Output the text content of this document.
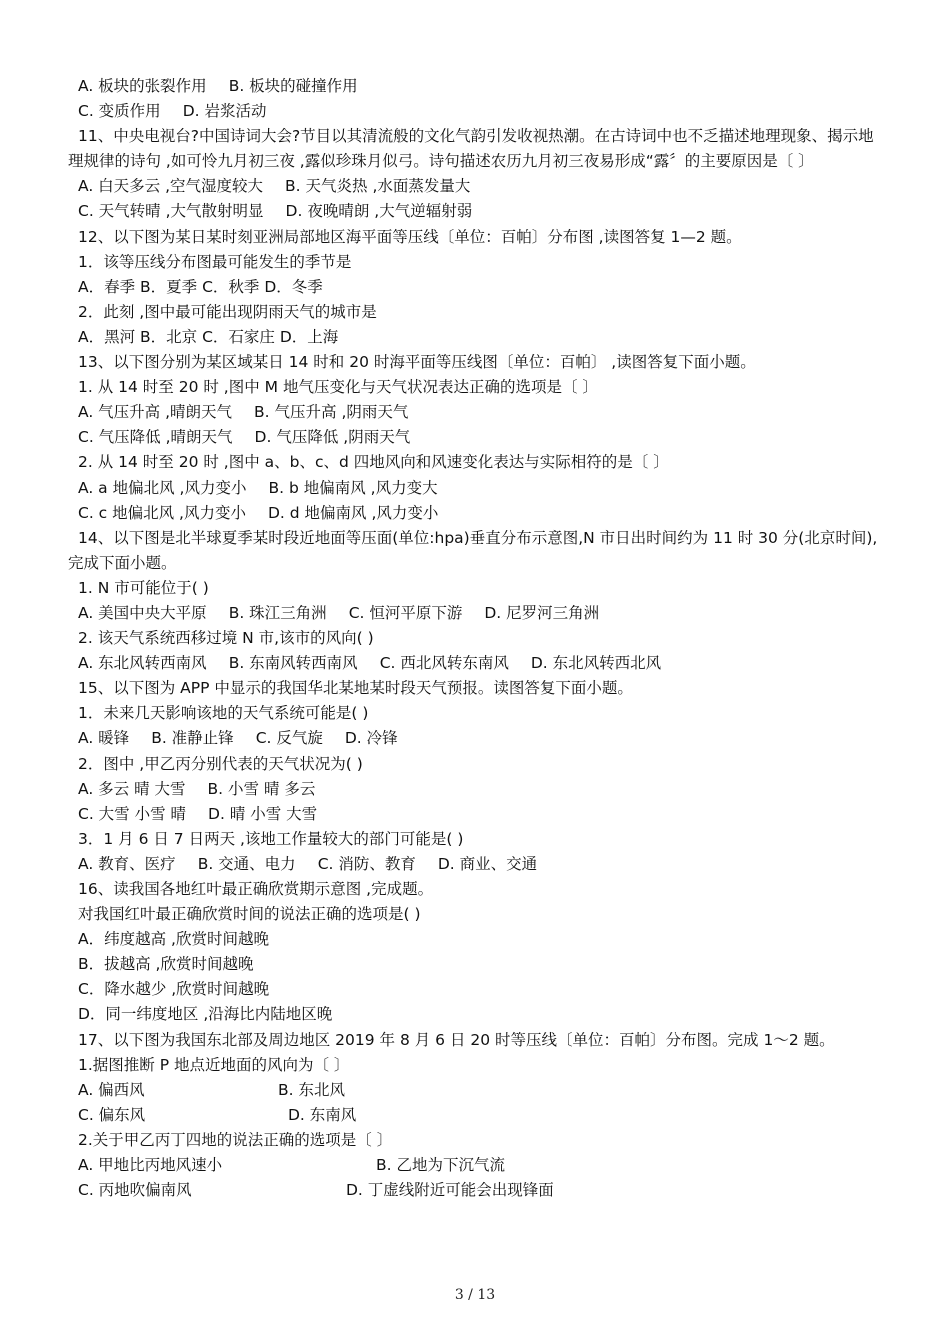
A. 板块的张裂作用 B. 板块的碰撞作用
C. 变质作用 D. 岩浆活动
11、中央电视台?中国诗词大会?节目以其清流般的文化气韵引发收视热潮。在古诗词中也不乏描述地理现象、揭示地理规律的诗句 ,如可怜九月初三夜 ,露似珍珠月似弓。诗句描述农历九月初三夜易形成“露〞的主要原因是〔 〕
A. 白天多云 ,空气湿度较大 B. 天气炎热 ,水面蒸发量大
C. 天气转晴 ,大气散射明显 D. 夜晚晴朗 ,大气逆辐射弱
12、以下图为某日某时刻亚洲局部地区海平面等压线〔单位：百帕〕分布图 ,读图答复 1—2 题。
1．该等压线分布图最可能发生的季节是
A．春季 B．夏季 C．秋季 D．冬季
2．此刻 ,图中最可能出现阴雨天气的城市是
A．黑河 B．北京 C．石家庄 D．上海
13、以下图分别为某区域某日 14 时和 20 时海平面等压线图〔单位：百帕〕 ,读图答复下面小题。
1. 从 14 时至 20 时 ,图中 M 地气压变化与天气状况表达正确的选项是〔 〕
A. 气压升高 ,晴朗天气 B. 气压升高 ,阴雨天气
C. 气压降低 ,晴朗天气 D. 气压降低 ,阴雨天气
2. 从 14 时至 20 时 ,图中 a、b、c、d 四地风向和风速变化表达与实际相符的是〔 〕
A. a 地偏北风 ,风力变小 B. b 地偏南风 ,风力变大
C. c 地偏北风 ,风力变小 D. d 地偏南风 ,风力变小
14、以下图是北半球夏季某时段近地面等压面(单位:hpa)垂直分布示意图,N 市日出时间约为 11 时 30 分(北京时间),完成下面小题。
1. N 市可能位于( )
A. 美国中央大平原 B. 珠江三角洲 C. 恒河平原下游 D. 尼罗河三角洲
2. 该天气系统西移过境 N 市,该市的风向( )
A. 东北风转西南风 B. 东南风转西南风 C. 西北风转东南风 D. 东北风转西北风
15、以下图为 APP 中显示的我国华北某地某时段天气预报。读图答复下面小题。
1．未来几天影响该地的天气系统可能是( )
A. 暖锋 B. 准静止锋 C. 反气旋 D. 冷锋
2．图中 ,甲乙丙分别代表的天气状况为( )
A. 多云 晴 大雪 B. 小雪 晴 多云
C. 大雪 小雪 晴 D. 晴 小雪 大雪
3．1 月 6 日 7 日两天 ,该地工作量较大的部门可能是( )
A. 教育、医疗 B. 交通、电力 C. 消防、教育 D. 商业、交通
16、读我国各地红叶最正确欣赏期示意图 ,完成题。
对我国红叶最正确欣赏时间的说法正确的选项是( )
A．纬度越高 ,欣赏时间越晚
B．拔越高 ,欣赏时间越晚
C．降水越少 ,欣赏时间越晚
D．同一纬度地区 ,沿海比内陆地区晚
17、以下图为我国东北部及周边地区 2019 年 8 月 6 日 20 时等压线〔单位：百帕〕分布图。完成 1～2 题。
1.据图推断 P 地点近地面的风向为〔 〕
A. 偏西风	B. 东北风
C. 偏东风	D. 东南风
2.关于甲乙丙丁四地的说法正确的选项是〔 〕
A. 甲地比丙地风速小	B. 乙地为下沉气流
C. 丙地吹偏南风	D. 丁虚线附近可能会出现锋面
3 / 13
